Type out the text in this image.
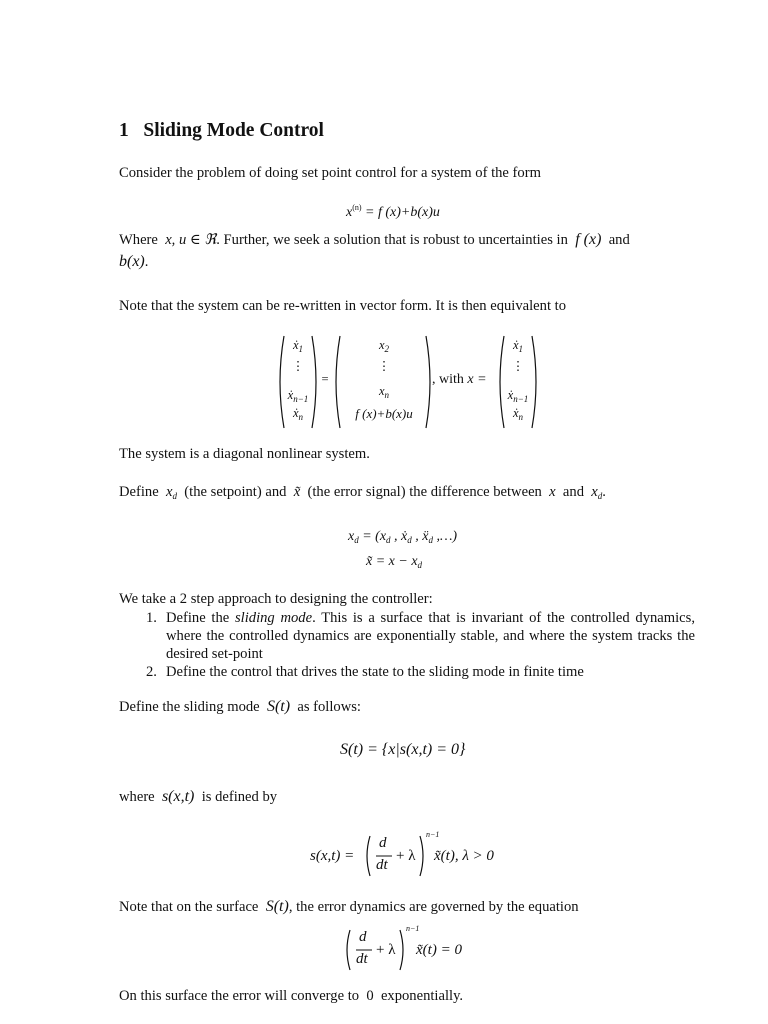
1 Sliding Mode Control
Consider the problem of doing set point control for a system of the form
$x^{(n)} = f$ (x)+b(x)u
Where x, u ∈ ℜ. Further, we seek a solution that is robust to uncertainties in f (x) and
b(x).
Note that the system can be re-written in vector form. It is then equivalent to
ẋ$_1$
⋮
ẋ$_{n-1}$
ẋ$_n$
=
$x_2$
⋮
$x_n$
f (x)+b(x)u
, with x =
ẋ$_1$
⋮
ẋ$_{n-1}$
ẋ$_n$
The system is a diagonal nonlinear system.
Define $x_d$ (the setpoint) and x̃ (the error signal) the difference between x and $x_d$.
$x_d = (x_d$ , ẋ$_d$ , ẍ$_d$ ,…)
x̃ = $x - x_d$
We take a 2 step approach to designing the controller:
1. Define the sliding mode. This is a surface that is invariant of the controlled dynamics, where the controlled dynamics are exponentially stable, and where the system tracks the desired set-point
2. Define the control that drives the state to the sliding mode in finite time
Define the sliding mode S(t) as follows:
S(t) = {x|s(x,t) = 0}
where s(x,t) is defined by
s(x,t) =
d
dt
+ λ
n−1
x̃(t), λ > 0
Note that on the surface S(t), the error dynamics are governed by the equation
d
dt
+ λ
n−1
x̃(t) = 0
On this surface the error will converge to 0 exponentially.
